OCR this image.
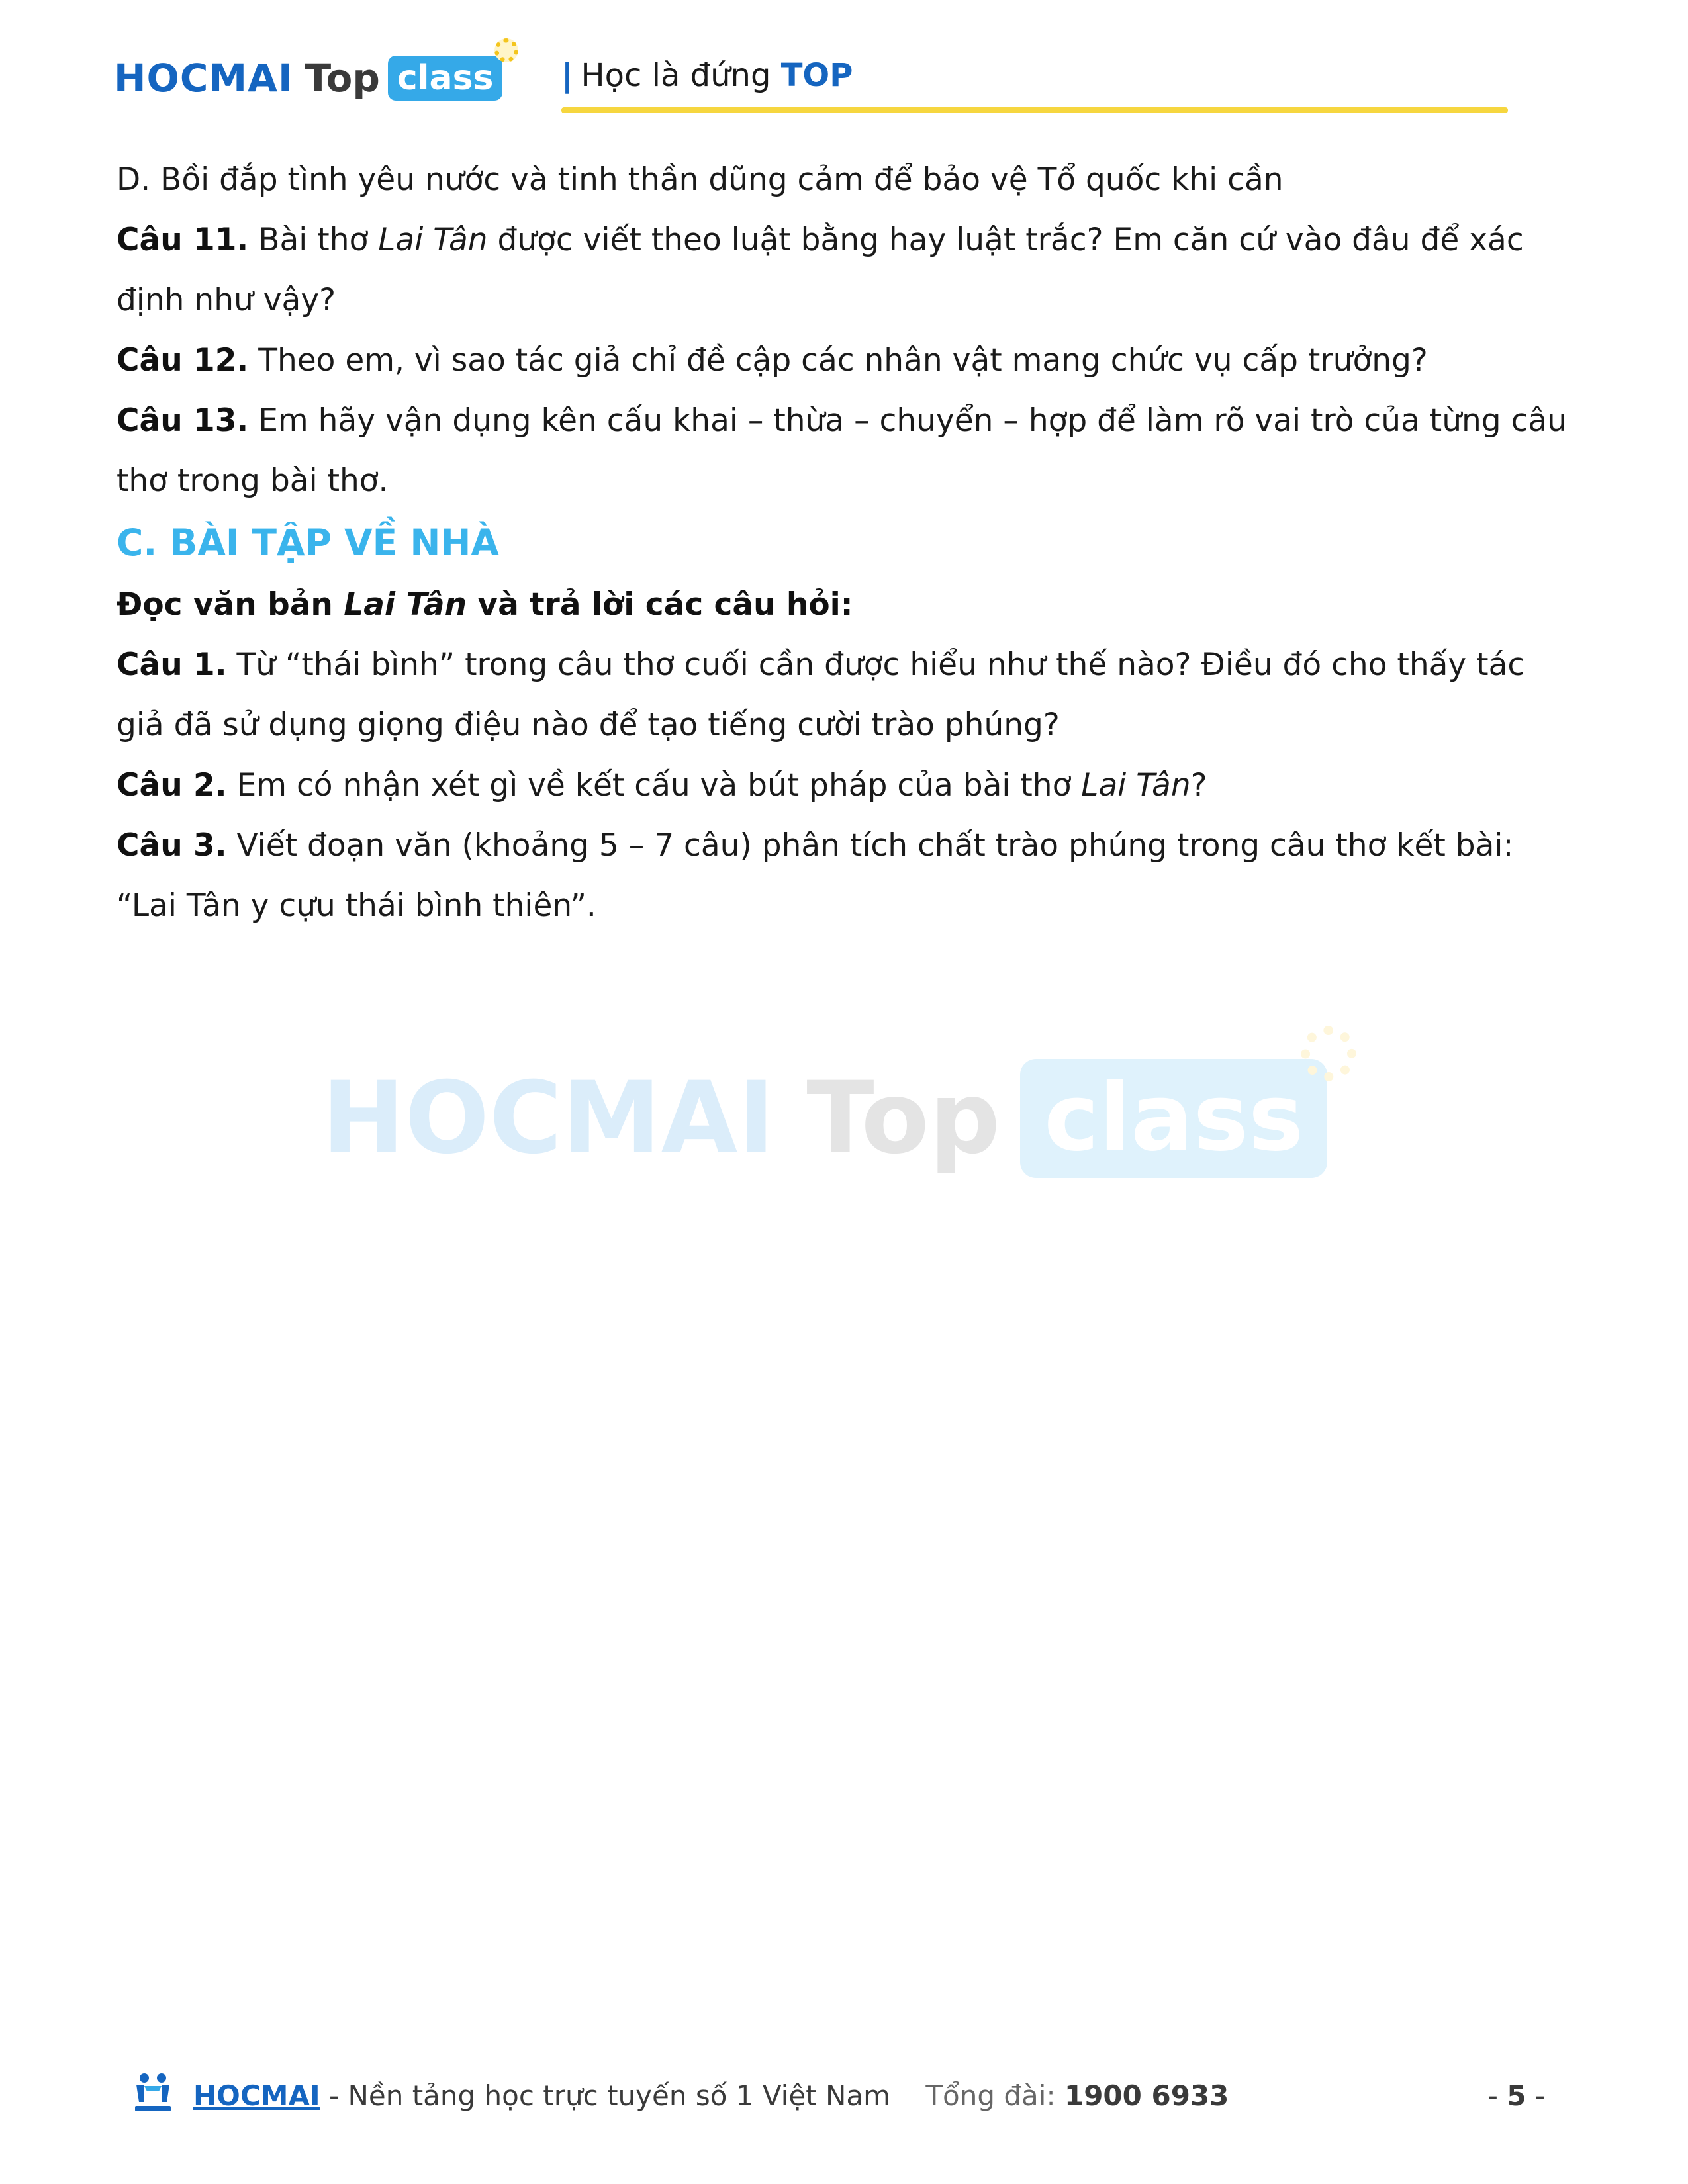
HOCMAI Top class | Học là đứng TOP

D. Bồi đắp tình yêu nước và tinh thần dũng cảm để bảo vệ Tổ quốc khi cần

Câu 11. Bài thơ Lai Tân được viết theo luật bằng hay luật trắc? Em căn cứ vào đâu để xác định như vậy?

Câu 12. Theo em, vì sao tác giả chỉ đề cập các nhân vật mang chức vụ cấp trưởng?

Câu 13. Em hãy vận dụng kên cấu khai – thừa – chuyển – hợp để làm rõ vai trò của từng câu thơ trong bài thơ.

C. BÀI TẬP VỀ NHÀ

Đọc văn bản Lai Tân và trả lời các câu hỏi:

Câu 1. Từ “thái bình” trong câu thơ cuối cần được hiểu như thế nào? Điều đó cho thấy tác giả đã sử dụng giọng điệu nào để tạo tiếng cười trào phúng?

Câu 2. Em có nhận xét gì về kết cấu và bút pháp của bài thơ Lai Tân?

Câu 3. Viết đoạn văn (khoảng 5 – 7 câu) phân tích chất trào phúng trong câu thơ kết bài: “Lai Tân y cựu thái bình thiên”.

HOCMAI Top class
HOCMAI - Nền tảng học trực tuyến số 1 Việt Nam Tổng đài: 1900 6933	- 5 -
